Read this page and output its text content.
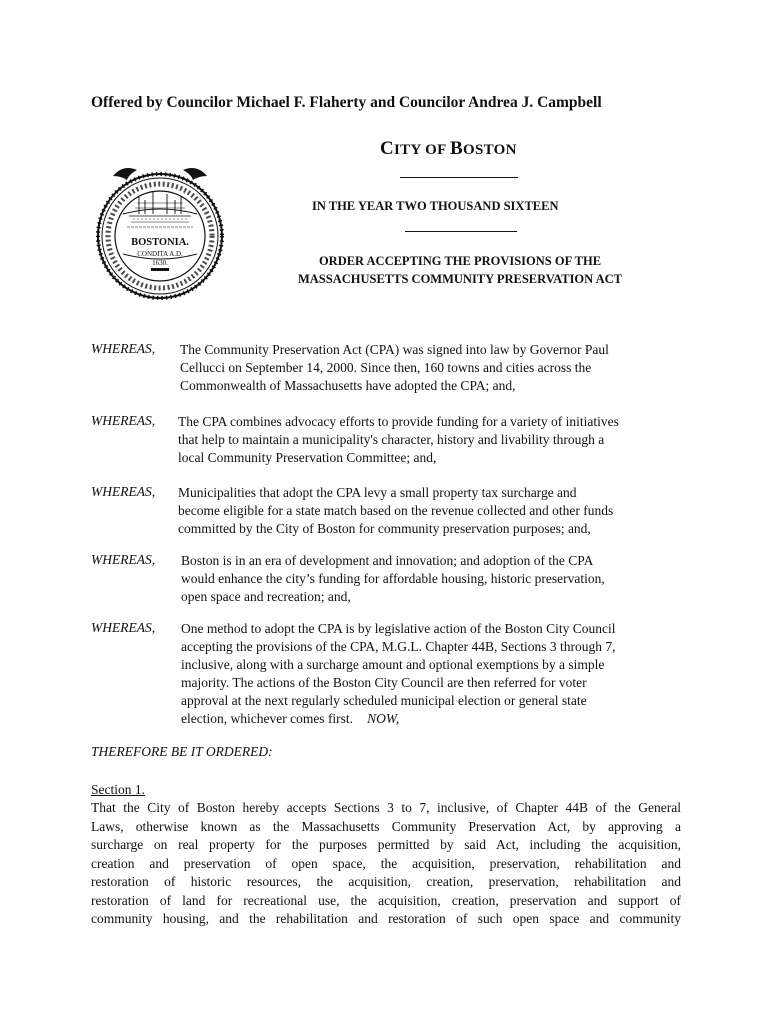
Offered by Councilor Michael F. Flaherty and Councilor Andrea J. Campbell
CITY OF BOSTON
IN THE YEAR TWO THOUSAND SIXTEEN
ORDER ACCEPTING THE PROVISIONS OF THE
MASSACHUSETTS COMMUNITY PRESERVATION ACT
BOSTONIA.
CONDITA A.D.
1630.
WHEREAS, The Community Preservation Act (CPA) was signed into law by Governor Paul
Cellucci on September 14, 2000. Since then, 160 towns and cities across the
Commonwealth of Massachusetts have adopted the CPA; and,
WHEREAS, The CPA combines advocacy efforts to provide funding for a variety of initiatives
that help to maintain a municipality's character, history and livability through a
local Community Preservation Committee; and,
WHEREAS, Municipalities that adopt the CPA levy a small property tax surcharge and
become eligible for a state match based on the revenue collected and other funds
committed by the City of Boston for community preservation purposes; and,
WHEREAS, Boston is in an era of development and innovation; and adoption of the CPA
would enhance the city’s funding for affordable housing, historic preservation,
open space and recreation; and,
WHEREAS, One method to adopt the CPA is by legislative action of the Boston City Council
accepting the provisions of the CPA, M.G.L. Chapter 44B, Sections 3 through 7,
inclusive, along with a surcharge amount and optional exemptions by a simple
majority. The actions of the Boston City Council are then referred for voter
approval at the next regularly scheduled municipal election or general state
election, whichever comes first. NOW,
THEREFORE BE IT ORDERED:
Section 1.
That the City of Boston hereby accepts Sections 3 to 7, inclusive, of Chapter 44B of the General
Laws, otherwise known as the Massachusetts Community Preservation Act, by approving a
surcharge on real property for the purposes permitted by said Act, including the acquisition,
creation and preservation of open space, the acquisition, preservation, rehabilitation and
restoration of historic resources, the acquisition, creation, preservation, rehabilitation and
restoration of land for recreational use, the acquisition, creation, preservation and support of
community housing, and the rehabilitation and restoration of such open space and community
